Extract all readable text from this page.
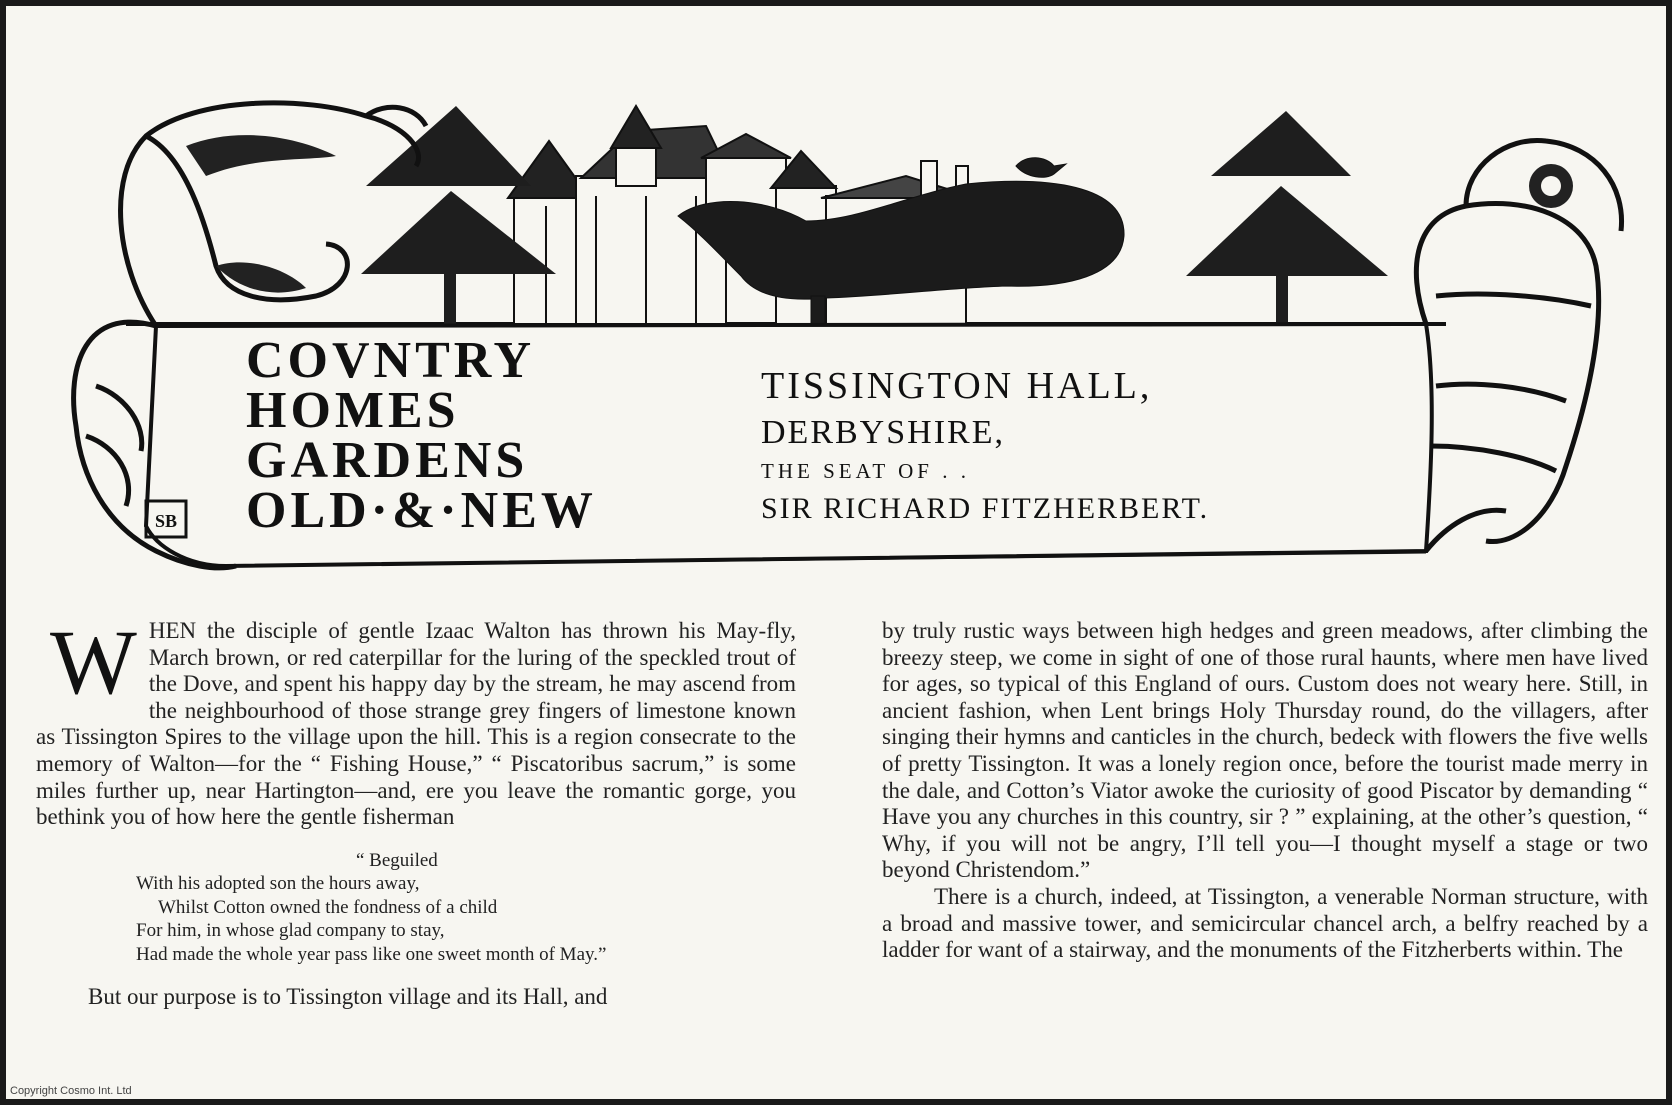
SB
COVNTRY
HOMES
GARDENS
OLD·&·NEW
TISSINGTON HALL,
DERBYSHIRE,
THE SEAT OF . .
SIR RICHARD FITZHERBERT.

WHEN the disciple of gentle Izaac Walton has thrown his May-fly, March brown, or red caterpillar for the luring of the speckled trout of the Dove, and spent his happy day by the stream, he may ascend from the neighbourhood of those strange grey fingers of limestone known as Tissington Spires to the village upon the hill. This is a region consecrate to the memory of Walton—for the “ Fishing House,” “ Piscatoribus sacrum,” is some miles further up, near Hartington—and, ere you leave the romantic gorge, you bethink you of how here the gentle fisherman

“ Beguiled
With his adopted son the hours away,
Whilst Cotton owned the fondness of a child
For him, in whose glad company to stay,
Had made the whole year pass like one sweet month of May.”

But our purpose is to Tissington village and its Hall, and

by truly rustic ways between high hedges and green meadows, after climbing the breezy steep, we come in sight of one of those rural haunts, where men have lived for ages, so typical of this England of ours. Custom does not weary here. Still, in ancient fashion, when Lent brings Holy Thursday round, do the villagers, after singing their hymns and canticles in the church, bedeck with flowers the five wells of pretty Tissington. It was a lonely region once, before the tourist made merry in the dale, and Cotton’s Viator awoke the curiosity of good Piscator by demanding “ Have you any churches in this country, sir ? ” explaining, at the other’s question, “ Why, if you will not be angry, I’ll tell you—I thought myself a stage or two beyond Christendom.”

There is a church, indeed, at Tissington, a venerable Norman structure, with a broad and massive tower, and semicircular chancel arch, a belfry reached by a ladder for want of a stairway, and the monuments of the Fitzherberts within. The

Copyright Cosmo Int. Ltd
